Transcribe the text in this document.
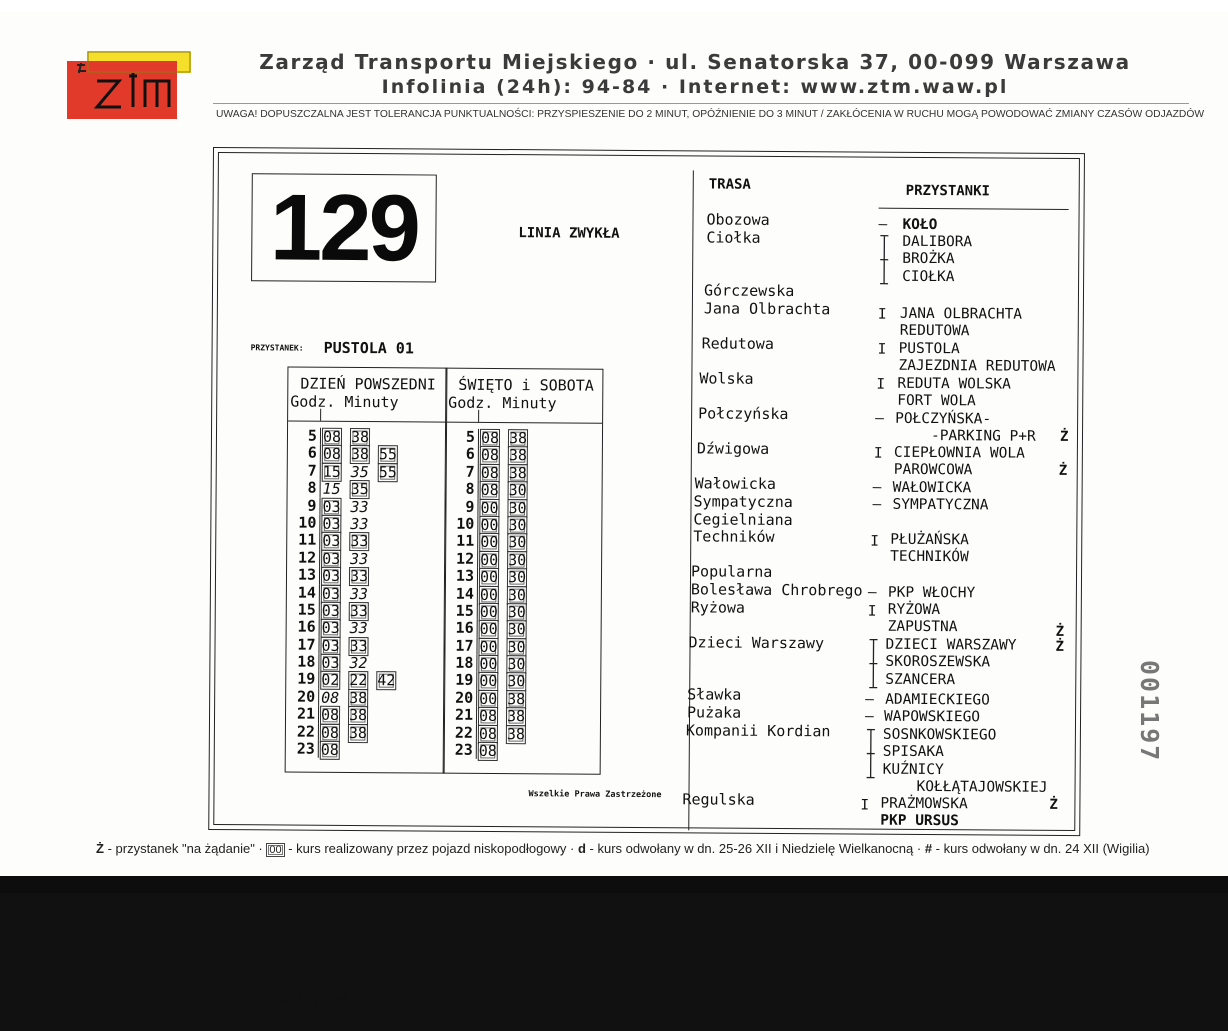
Zarząd Transportu Miejskiego · ul. Senatorska 37, 00-099 Warszawa
Infolinia (24h): 94-84 · Internet: www.ztm.waw.pl
UWAGA! DOPUSZCZALNA JEST TOLERANCJA PUNKTUALNOŚCI: PRZYSPIESZENIE DO 2 MINUT, OPÓŹNIENIE DO 3 MINUT / ZAKŁÓCENIA W RUCHU MOGĄ POWODOWAĆ ZMIANY CZASÓW ODJAZDÓW
129	LINIA ZWYKŁA
PRZYSTANEK: PUSTOLA 01
DZIEŃ POWSZEDNI
Godz. Minuty
5 08 38
6 08 38 55
7 15 35 55
8 15 35
9 03 33
10 03 33
11 03 33
12 03 33
13 03 33
14 03 33
15 03 33
16 03 33
17 03 33
18 03 32
19 02 22 42
20 08 38
21 08 38
22 08 38
23 08
Ważny od 2008-05-01
ŚWIĘTO i SOBOTA
Godz. Minuty
5 08 38
6 08 38
7 08 38
8 08 30
9 00 30
10 00 30
11 00 30
12 00 30
13 00 30
14 00 30
15 00 30
16 00 30
17 00 30
18 00 30
19 00 30
20 00 38
21 08 38
22 08 38
23 08
Wszelkie Prawa Zastrzeżone
TRASA	PRZYSTANKI
Obozowa
Ciołka
Górczewska
Jana Olbrachta
Redutowa
Wolska
Połczyńska
Dźwigowa
Wałowicka
Sympatyczna
Cegielniana
Techników
Popularna
Bolesława Chrobrego
Ryżowa
Dzieci Warszawy
Sławka
Pużaka
Kompanii Kordian
Regulska
– KOŁO
DALIBORA
BROŻKA
CIOŁKA
I JANA OLBRACHTA
REDUTOWA
I PUSTOLA
ZAJEZDNIA REDUTOWA
I REDUTA WOLSKA
FORT WOLA
– POŁCZYŃSKA-
-PARKING P+R Ż
I CIEPŁOWNIA WOLA
PAROWCOWA	Ż
– WAŁOWICKA
– SYMPATYCZNA
I PŁUŻAŃSKA
TECHNIKÓW
– PKP WŁOCHY
I RYŻOWA
ZAPUSTNA
DZIECI WARSZAWY
Ż
Ż
SKOROSZEWSKA
SZANCERA
– ADAMIECKIEGO
– WAPOWSKIEGO
SOSNKOWSKIEGO
SPISAKA
KUŹNICY
KOŁŁĄTAJOWSKIEJ
I PRAŻMOWSKA	Ż
PKP URSUS
001197
Ż - przystanek "na żądanie" · 00 - kurs realizowany przez pojazd niskopodłogowy · d - kurs odwołany w dn. 25-26 XII i Niedzielę Wielkanocną · # - kurs odwołany w dn. 24 XII (Wigilia)
